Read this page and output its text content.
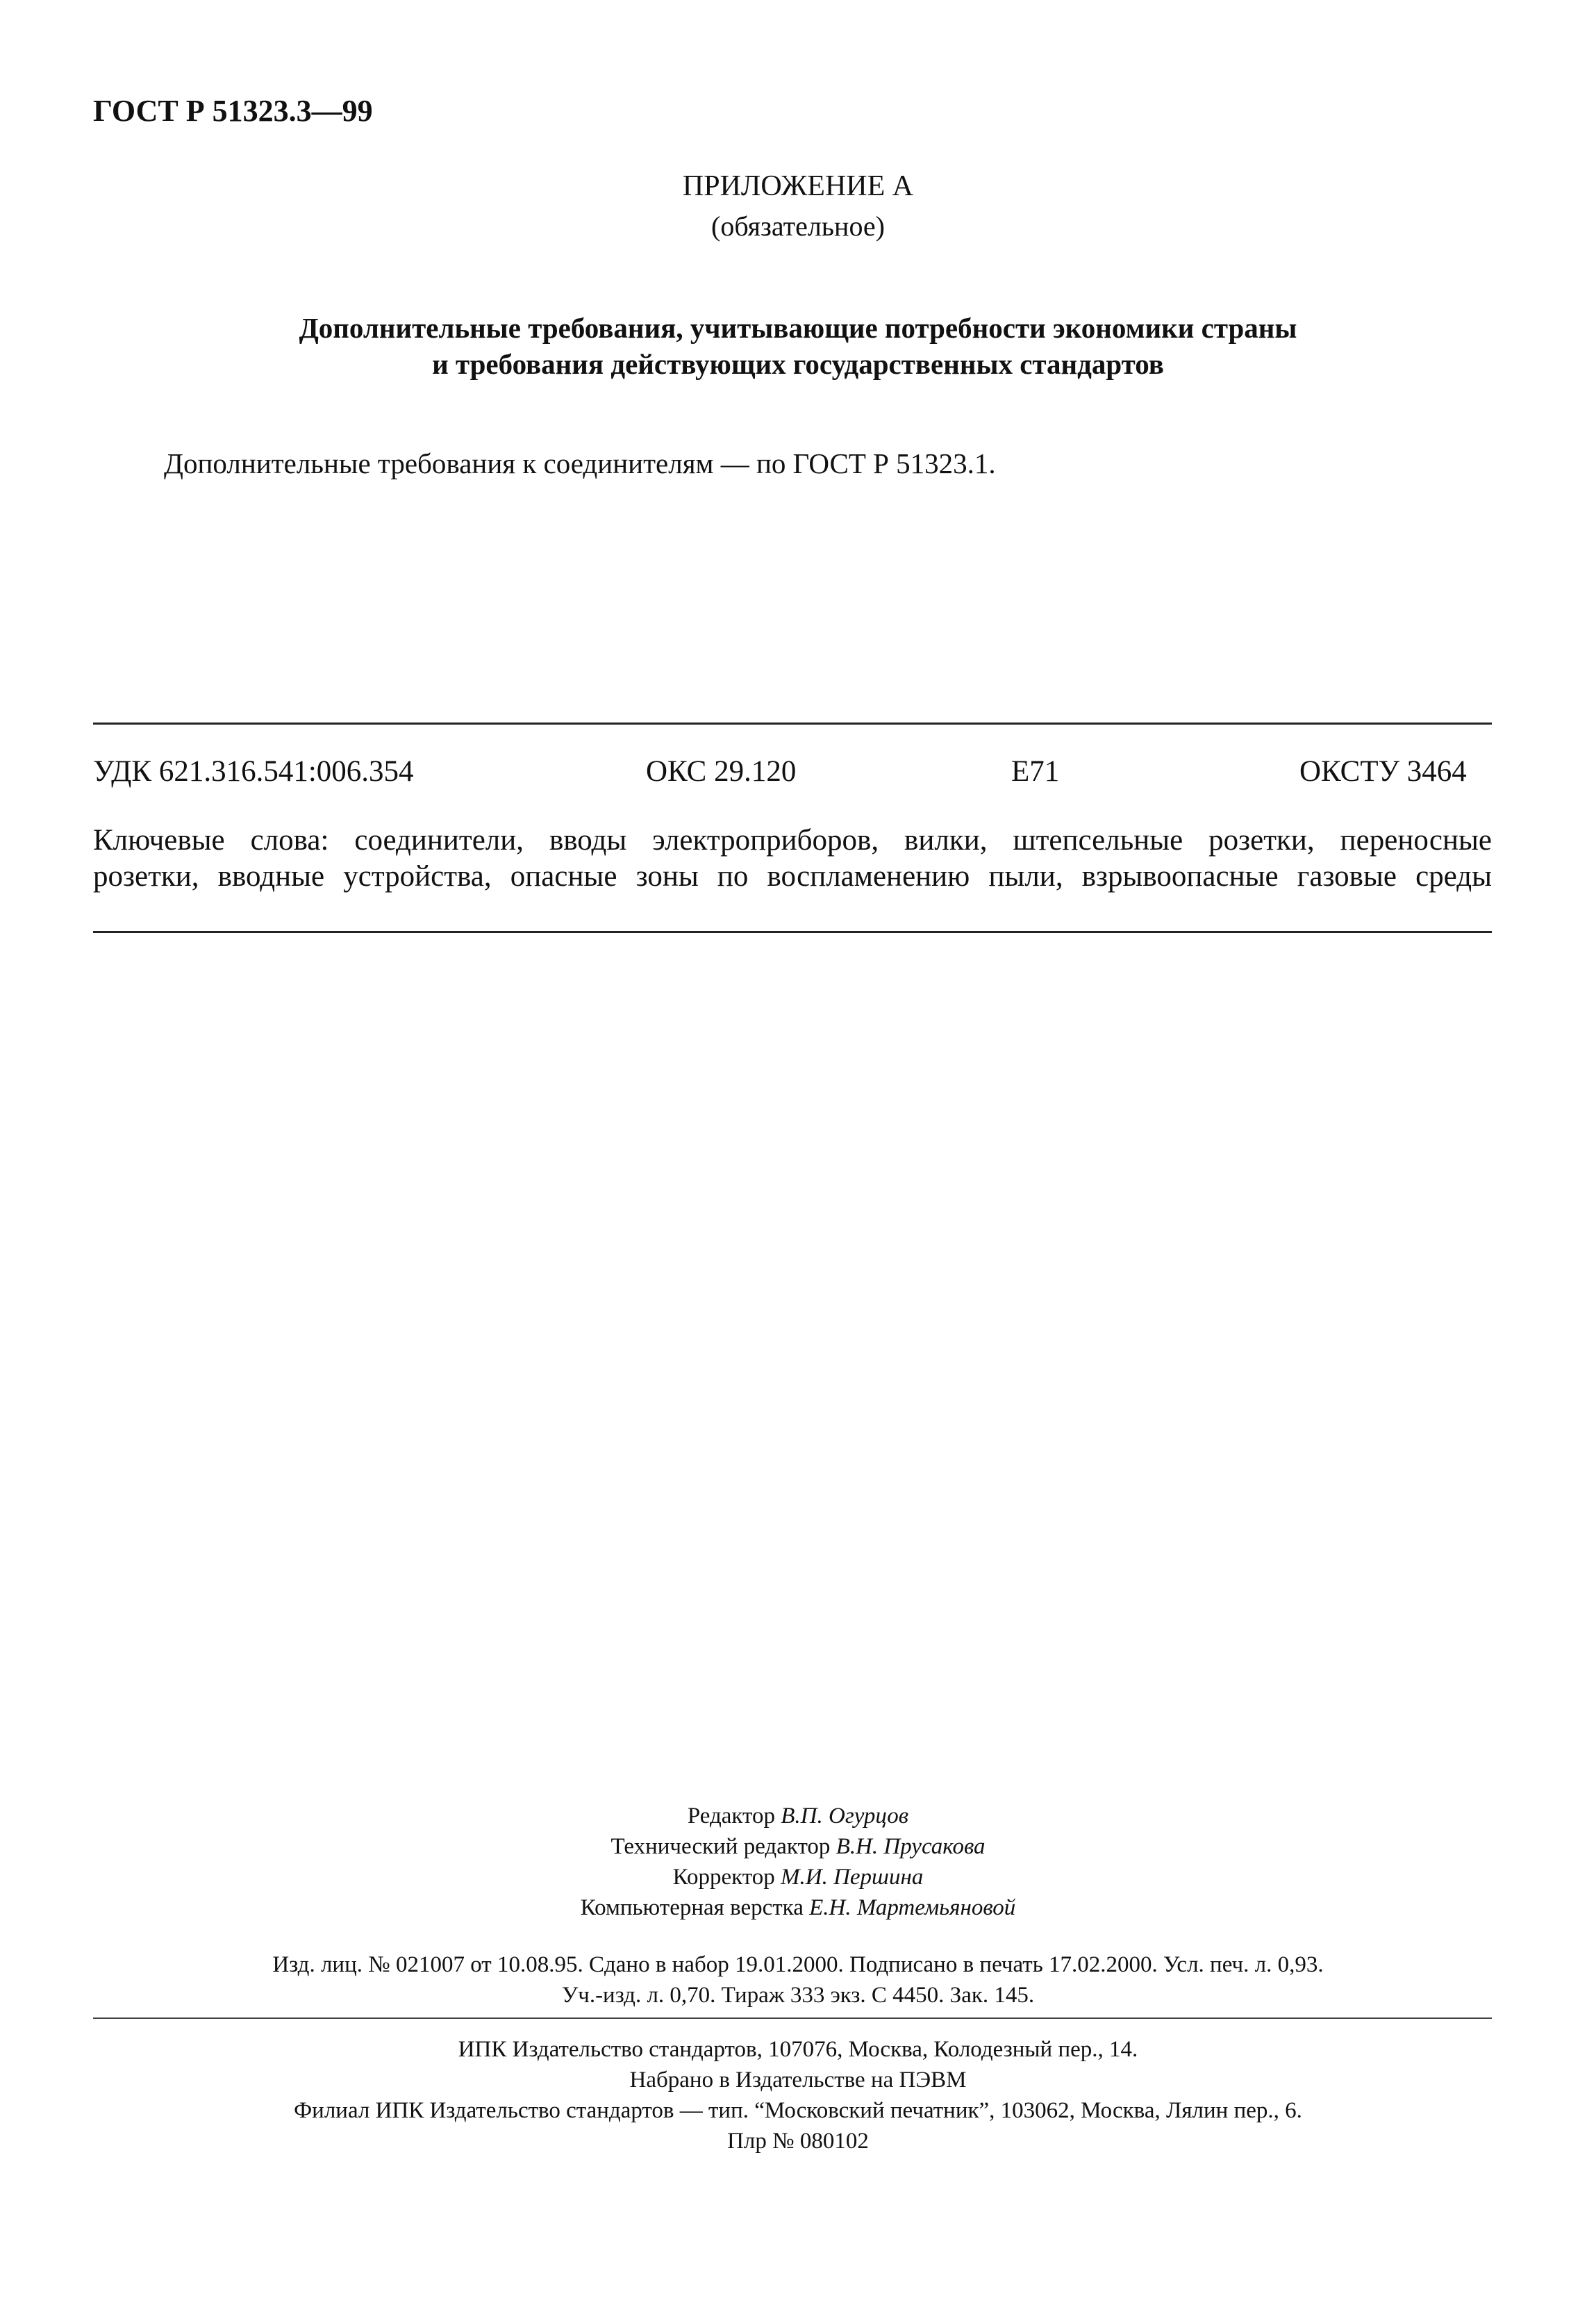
ГОСТ Р 51323.3—99
ПРИЛОЖЕНИЕ А
(обязательное)
Дополнительные требования, учитывающие потребности экономики страны
и требования действующих государственных стандартов
Дополнительные требования к соединителям — по ГОСТ Р 51323.1.
УДК 621.316.541:006.354	ОКС 29.120	Е71	ОКСТУ 3464
Ключевые слова: соединители, вводы электроприборов, вилки, штепсельные розетки, переносные
розетки, вводные устройства, опасные зоны по воспламенению пыли, взрывоопасные газовые среды
Редактор В.П. Огурцов
Технический редактор В.Н. Прусакова
Корректор М.И. Першина
Компьютерная верстка Е.Н. Мартемьяновой
Изд. лиц. № 021007 от 10.08.95. Сдано в набор 19.01.2000. Подписано в печать 17.02.2000. Усл. печ. л. 0,93.
Уч.-изд. л. 0,70. Тираж 333 экз. С 4450. Зак. 145.
ИПК Издательство стандартов, 107076, Москва, Колодезный пер., 14.
Набрано в Издательстве на ПЭВМ
Филиал ИПК Издательство стандартов — тип. “Московский печатник”, 103062, Москва, Лялин пер., 6.
Плр № 080102
